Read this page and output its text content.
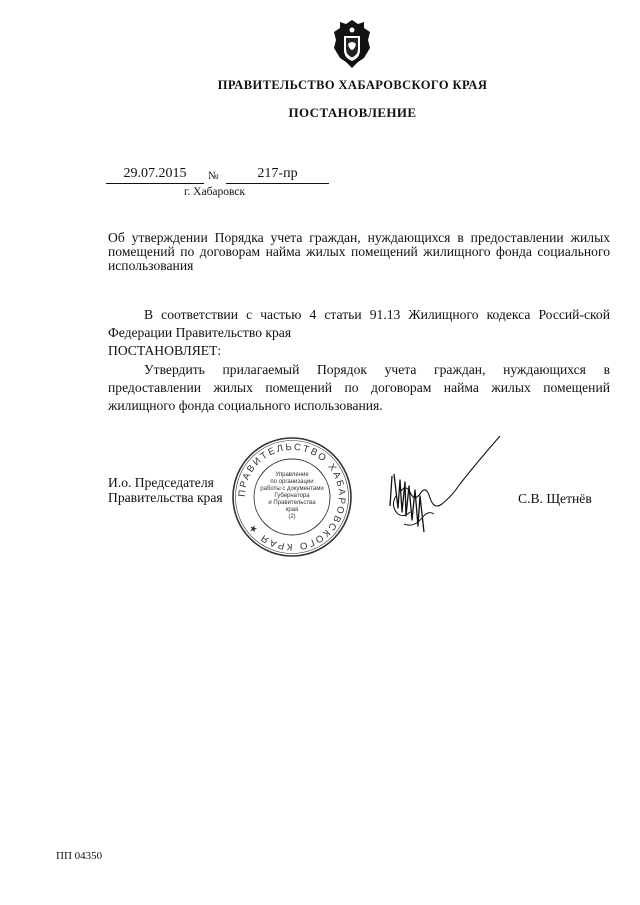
ПРАВИТЕЛЬСТВО ХАБАРОВСКОГО КРАЯ
ПОСТАНОВЛЕНИЕ
29.07.2015	№	217-пр
г. Хабаровск
Об утверждении Порядка учета граждан, нуждающихся в предоставлении жилых помещений по договорам найма жилых помещений жилищного фонда социального использования

В соответствии с частью 4 статьи 91.13 Жилищного кодекса Россий-ской Федерации Правительство края

ПОСТАНОВЛЯЕТ:

Утвердить прилагаемый Порядок учета граждан, нуждающихся в предоставлении жилых помещений по договорам найма жилых помещений жилищного фонда социального использования.

И.о. Председателя
Правительства края ПРАВИТЕЛЬСТВО ХАБАРОВСКОГО КРАЯ ★
Управление
по организации
работы с документами
Губернатора
и Правительства
края
(2)
С.В. Щетнёв
ПП 04350
